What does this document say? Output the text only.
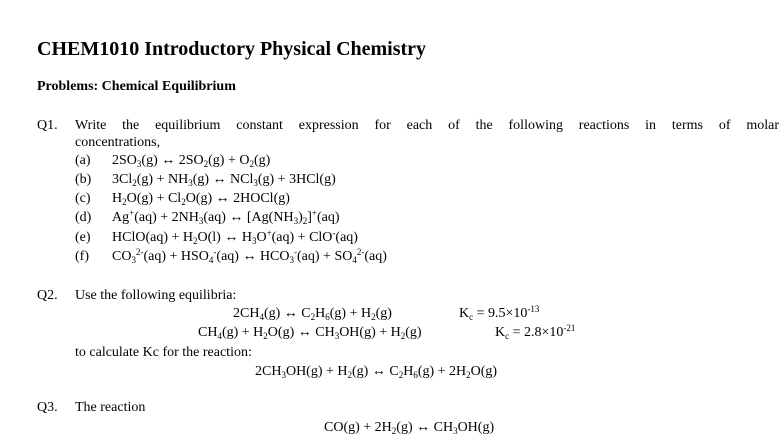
CHEM1010 Introductory Physical Chemistry
Problems: Chemical Equilibrium
Q1. Write the equilibrium constant expression for each of the following reactions in terms of molar
concentrations,
(a) $2SO_3(g)$ ↔ $2SO_2(g) + O_2(g)$
(b) $3Cl_2(g) + NH_3(g)$ ↔ NCl$_3$(g) + 3HCl(g)
(c) $H_2O(g) + Cl_2O(g)$ ↔ 2HOCl(g)
(d) $Ag^+(aq) + 2NH_3(aq)$ ↔ $[Ag(NH_3)_2]^+(aq)$
(e) HClO(aq) + $H_2O(l)$ ↔ $H_3O^+(aq) + ClO^-(aq)$
(f) $CO_3^{2-}(aq) + HSO_4^-(aq)$ ↔ $HCO_3^-(aq) + SO_4^{2-}(aq)$
Q2. Use the following equilibria:
$2CH_4(g)$ ↔ $C_2H_6(g) + H_2(g)$	$K_c = 9.5\times 10^{-13}$
$CH_4(g) + H_2O(g)$ ↔ $CH_3OH(g) + H_2(g)$	$K_c = 2.8\times 10^{-21}$
to calculate Kc for the reaction:
$2CH_3OH(g) + H_2(g)$ ↔ $C_2H_6(g) + 2H_2O(g)$
Q3. The reaction
$CO(g) + 2H_2(g)$ ↔ $CH_3OH(g)$
